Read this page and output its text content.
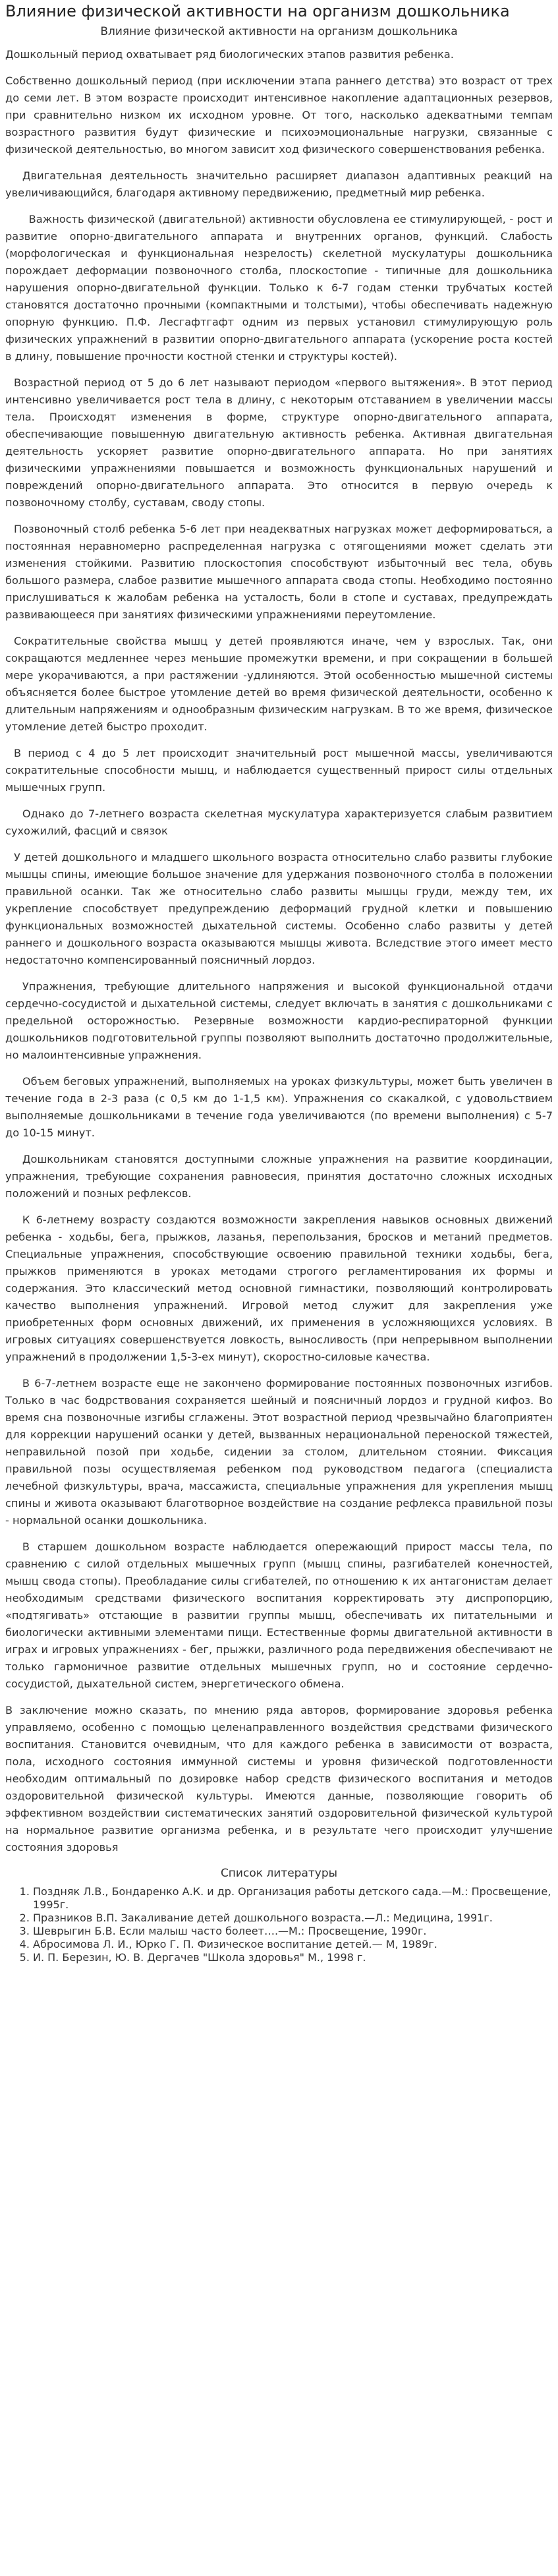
Влияние физической активности на организм дошкольника
Влияние физической активности на организм дошкольника

Дошкольный период охватывает ряд биологических этапов развития ребенка.

Собственно дошкольный период (при исключении этапа раннего детства) это возраст от трех до семи лет. В этом возрасте происходит интенсивное накопление адаптационных резервов, при сравнительно низком их исходном уровне. От того, насколько адекватными темпам возрастного развития будут физические и психоэмоциональные нагрузки, связанные с физической деятельностью, во многом зависит ход физического совершенствования ребенка.

Двигательная деятельность значительно расширяет диапазон адаптивных реакций на увеличивающийся, благодаря активному передвижению, предметный мир ребенка.

Важность физической (двигательной) активности обусловлена ее стимулирующей, - рост и развитие опорно-двигательного аппарата и внутренних органов, функций. Слабость (морфологическая и функциональная незрелость) скелетной мускулатуры дошкольника порождает деформации позвоночного столба, плоскостопие - типичные для дошкольника нарушения опорно-двигательной функции. Только к 6-7 годам стенки трубчатых костей становятся достаточно прочными (компактными и толстыми), чтобы обеспечивать надежную опорную функцию. П.Ф. Лесгафтгафт одним из первых установил стимулирующую роль физических упражнений в развитии опорно-двигательного аппарата (ускорение роста костей в длину, повышение прочности костной стенки и структуры костей).

Возрастной период от 5 до 6 лет называют периодом «первого вытяжения». В этот период интенсивно увеличивается рост тела в длину, с некоторым отставанием в увеличении массы тела. Происходят изменения в форме, структуре опорно-двигательного аппарата, обеспечивающие повышенную двигательную активность ребенка. Активная двигательная деятельность ускоряет развитие опорно-двигательного аппарата. Но при занятиях физическими упражнениями повышается и возможность функциональных нарушений и повреждений опорно-двигательного аппарата. Это относится в первую очередь к позвоночному столбу, суставам, своду стопы.

Позвоночный столб ребенка 5-6 лет при неадекватных нагрузках может деформироваться, а постоянная неравномерно распределенная нагрузка с отягощениями может сделать эти изменения стойкими. Развитию плоскостопия способствуют избыточный вес тела, обувь большого размера, слабое развитие мышечного аппарата свода стопы. Необходимо постоянно прислушиваться к жалобам ребенка на усталость, боли в стопе и суставах, предупреждать развивающееся при занятиях физическими упражнениями переутомление.

Сократительные свойства мышц у детей проявляются иначе, чем у взрослых. Так, они сокращаются медленнее через меньшие промежутки времени, и при сокращении в большей мере укорачиваются, а при растяжении -удлиняются. Этой особенностью мышечной системы объясняется более быстрое утомление детей во время физической деятельности, особенно к длительным напряжениям и однообразным физическим нагрузкам. В то же время, физическое утомление детей быстро проходит.

В период с 4 до 5 лет происходит значительный рост мышечной массы, увеличиваются сократительные способности мышц, и наблюдается существенный прирост силы отдельных мышечных групп.

Однако до 7-летнего возраста скелетная мускулатура характеризуется слабым развитием сухожилий, фасций и связок

У детей дошкольного и младшего школьного возраста относительно слабо развиты глубокие мышцы спины, имеющие большое значение для удержания позвоночного столба в положении правильной осанки. Так же относительно слабо развиты мышцы груди, между тем, их укрепление способствует предупреждению деформаций грудной клетки и повышению функциональных возможностей дыхательной системы. Особенно слабо развиты у детей раннего и дошкольного возраста оказываются мышцы живота. Вследствие этого имеет место недостаточно компенсированный поясничный лордоз.

Упражнения, требующие длительного напряжения и высокой функциональной отдачи сердечно-сосудистой и дыхательной системы, следует включать в занятия с дошкольниками с предельной осторожностью. Резервные возможности кардио-респираторной функции дошкольников подготовительной группы позволяют выполнить достаточно продолжительные, но малоинтенсивные упражнения.

Объем беговых упражнений, выполняемых на уроках физкультуры, может быть увеличен в течение года в 2-3 раза (с 0,5 км до 1-1,5 км). Упражнения со скакалкой, с удовольствием выполняемые дошкольниками в течение года увеличиваются (по времени выполнения) с 5-7 до 10-15 минут.

Дошкольникам становятся доступными сложные упражнения на развитие координации, упражнения, требующие сохранения равновесия, принятия достаточно сложных исходных положений и позных рефлексов.

К 6-летнему возрасту создаются возможности закрепления навыков основных движений ребенка - ходьбы, бега, прыжков, лазанья, перепользания, бросков и метаний предметов. Специальные упражнения, способствующие освоению правильной техники ходьбы, бега, прыжков применяются в уроках методами строгого регламентирования их формы и содержания. Это классический метод основной гимнастики, позволяющий контролировать качество выполнения упражнений. Игровой метод служит для закрепления уже приобретенных форм основных движений, их применения в усложняющихся условиях. В игровых ситуациях совершенствуется ловкость, выносливость (при непрерывном выполнении упражнений в продолжении 1,5-3-ех минут), скоростно-силовые качества.

В 6-7-летнем возрасте еще не закончено формирование постоянных позвоночных изгибов. Только в час бодрствования сохраняется шейный и поясничный лордоз и грудной кифоз. Во время сна позвоночные изгибы сглажены. Этот возрастной период чрезвычайно благоприятен для коррекции нарушений осанки у детей, вызванных нерациональной переноской тяжестей, неправильной позой при ходьбе, сидении за столом, длительном стоянии. Фиксация правильной позы осуществляемая ребенком под руководством педагога (специалиста лечебной физкультуры, врача, массажиста, специальные упражнения для укрепления мышц спины и живота оказывают благотворное воздействие на создание рефлекса правильной позы - нормальной осанки дошкольника.

В старшем дошкольном возрасте наблюдается опережающий прирост массы тела, по сравнению с силой отдельных мышечных групп (мышц спины, разгибателей конечностей, мышц свода стопы). Преобладание силы сгибателей, по отношению к их антагонистам делает необходимым средствами физического воспитания корректировать эту диспропорцию, «подтягивать» отстающие в развитии группы мышц, обеспечивать их питательными и биологически активными элементами пищи. Естественные формы двигательной активности в играх и игровых упражнениях - бег, прыжки, различного рода передвижения обеспечивают не только гармоничное развитие отдельных мышечных групп, но и состояние сердечно-сосудистой, дыхательной систем, энергетического обмена.

В заключение можно сказать, по мнению ряда авторов, формирование здоровья ребенка управляемо, особенно с помощью целенаправленного воздействия средствами физического воспитания. Становится очевидным, что для каждого ребенка в зависимости от возраста, пола, исходного состояния иммунной системы и уровня физической подготовленности необходим оптимальный по дозировке набор средств физического воспитания и методов оздоровительной физической культуры. Имеются данные, позволяющие говорить об эффективном воздействии систематических занятий оздоровительной физической культурой на нормальное развитие организма ребенка, и в результате чего происходит улучшение состояния здоровья

Список литературы
1. Поздняк Л.В., Бондаренко А.К. и др. Организация работы детского сада.—М.: Просвещение, 1995г.
2. Празников В.П. Закаливание детей дошкольного возраста.—Л.: Медицина, 1991г.
3. Шеврыгин Б.В. Если малыш часто болеет….—М.: Просвещение, 1990г.
4. Абросимова Л. И., Юрко Г. П. Физическое воспитание детей.— М, 1989г.
5. И. П. Березин, Ю. В. Дергачев "Школа здоровья" М., 1998 г.
